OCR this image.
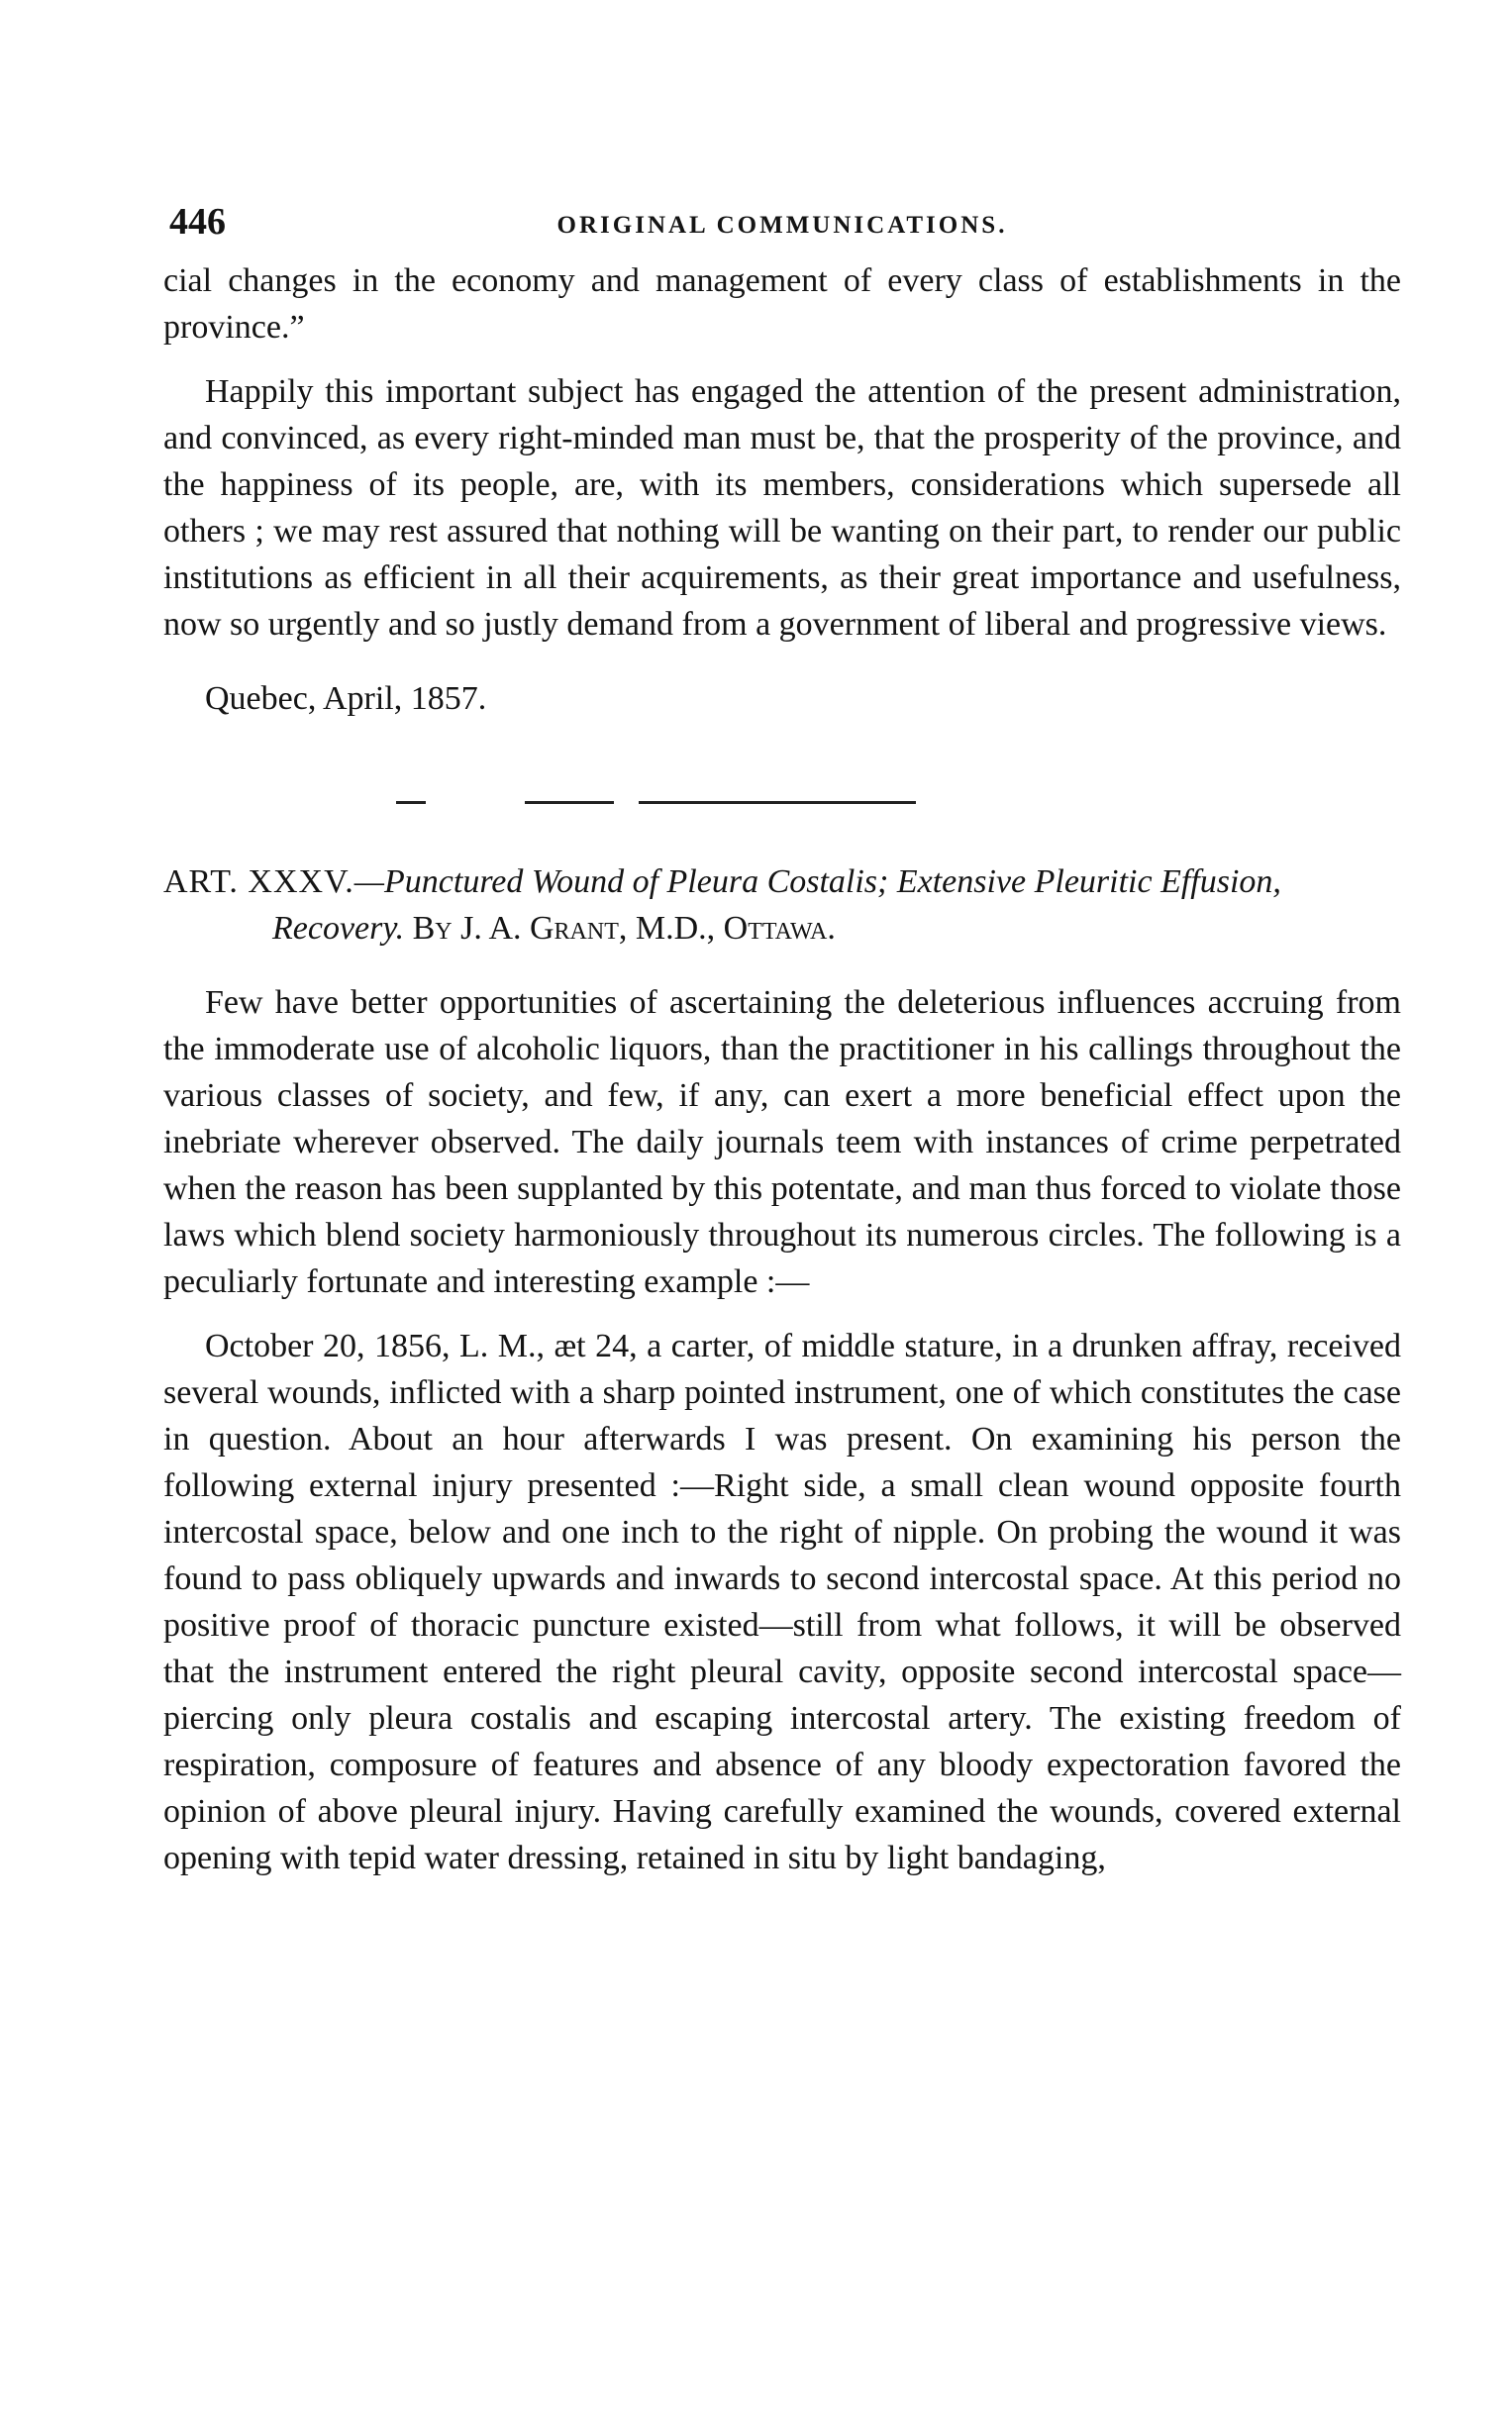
446	ORIGINAL COMMUNICATIONS.

cial changes in the economy and management of every class of establishments in the province.”

Happily this important subject has engaged the attention of the present administration, and convinced, as every right-minded man must be, that the prosperity of the province, and the happiness of its people, are, with its members, considerations which supersede all others ; we may rest assured that nothing will be wanting on their part, to render our public institutions as efficient in all their acquirements, as their great importance and usefulness, now so urgently and so justly demand from a government of liberal and progressive views.

Quebec, April, 1857.

ART. XXXV.—Punctured Wound of Pleura Costalis; Extensive Pleuritic Effusion, Recovery. By J. A. Grant, M.D., Ottawa.

Few have better opportunities of ascertaining the deleterious influences accruing from the immoderate use of alcoholic liquors, than the practitioner in his callings throughout the various classes of society, and few, if any, can exert a more beneficial effect upon the inebriate wherever observed. The daily journals teem with instances of crime perpetrated when the reason has been supplanted by this potentate, and man thus forced to violate those laws which blend society harmoniously throughout its numerous circles. The following is a peculiarly fortunate and interesting example :—

October 20, 1856, L. M., æt 24, a carter, of middle stature, in a drunken affray, received several wounds, inflicted with a sharp pointed instrument, one of which constitutes the case in question. About an hour afterwards I was present. On examining his person the following external injury presented :—Right side, a small clean wound opposite fourth intercostal space, below and one inch to the right of nipple. On probing the wound it was found to pass obliquely upwards and inwards to second intercostal space. At this period no positive proof of thoracic puncture existed—still from what follows, it will be observed that the instrument entered the right pleural cavity, opposite second intercostal space—piercing only pleura costalis and escaping intercostal artery. The existing freedom of respiration, composure of features and absence of any bloody expectoration favored the opinion of above pleural injury. Having carefully examined the wounds, covered external opening with tepid water dressing, retained in situ by light bandaging,
